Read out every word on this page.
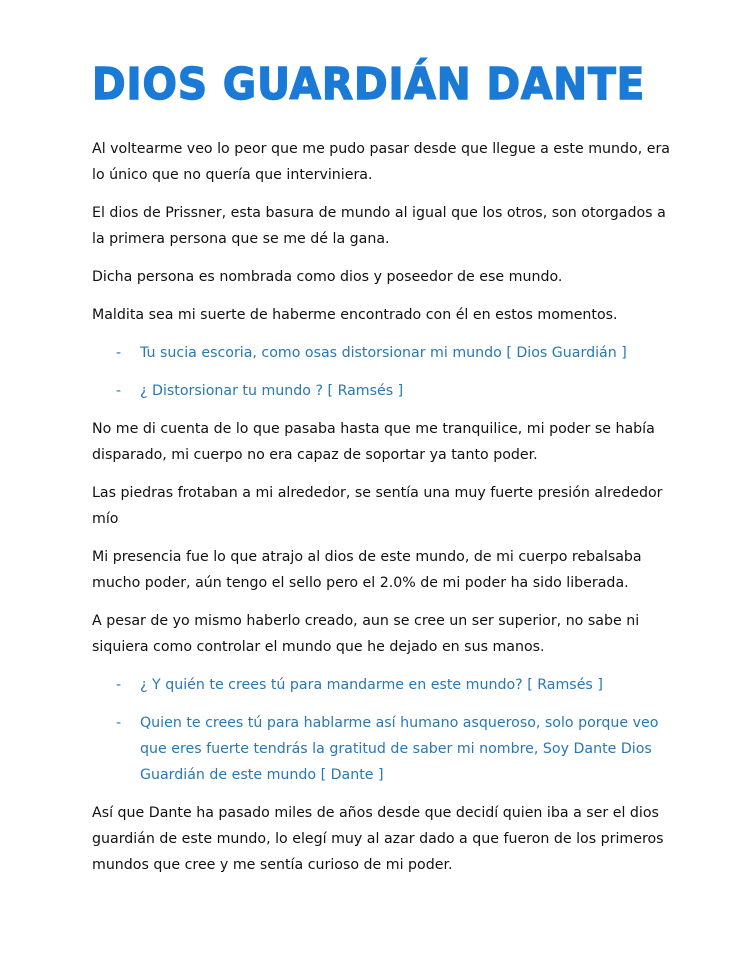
DIOS GUARDIÁN DANTE

Al voltearme veo lo peor que me pudo pasar desde que llegue a este mundo, era lo único que no quería que interviniera.

El dios de Prissner, esta basura de mundo al igual que los otros, son otorgados a la primera persona que se me dé la gana.

Dicha persona es nombrada como dios y poseedor de ese mundo.

Maldita sea mi suerte de haberme encontrado con él en estos momentos.

- Tu sucia escoria, como osas distorsionar mi mundo [ Dios Guardián ]
- ¿ Distorsionar tu mundo ? [ Ramsés ]

No me di cuenta de lo que pasaba hasta que me tranquilice, mi poder se había disparado, mi cuerpo no era capaz de soportar ya tanto poder.

Las piedras frotaban a mi alrededor, se sentía una muy fuerte presión alrededor mío

Mi presencia fue lo que atrajo al dios de este mundo, de mi cuerpo rebalsaba mucho poder, aún tengo el sello pero el 2.0% de mi poder ha sido liberada.

A pesar de yo mismo haberlo creado, aun se cree un ser superior, no sabe ni siquiera como controlar el mundo que he dejado en sus manos.

- ¿ Y quién te crees tú para mandarme en este mundo? [ Ramsés ]
- Quien te crees tú para hablarme así humano asqueroso, solo porque veo que eres fuerte tendrás la gratitud de saber mi nombre, Soy Dante Dios Guardián de este mundo [ Dante ]

Así que Dante ha pasado miles de años desde que decidí quien iba a ser el dios guardián de este mundo, lo elegí muy al azar dado a que fueron de los primeros mundos que cree y me sentía curioso de mi poder.
